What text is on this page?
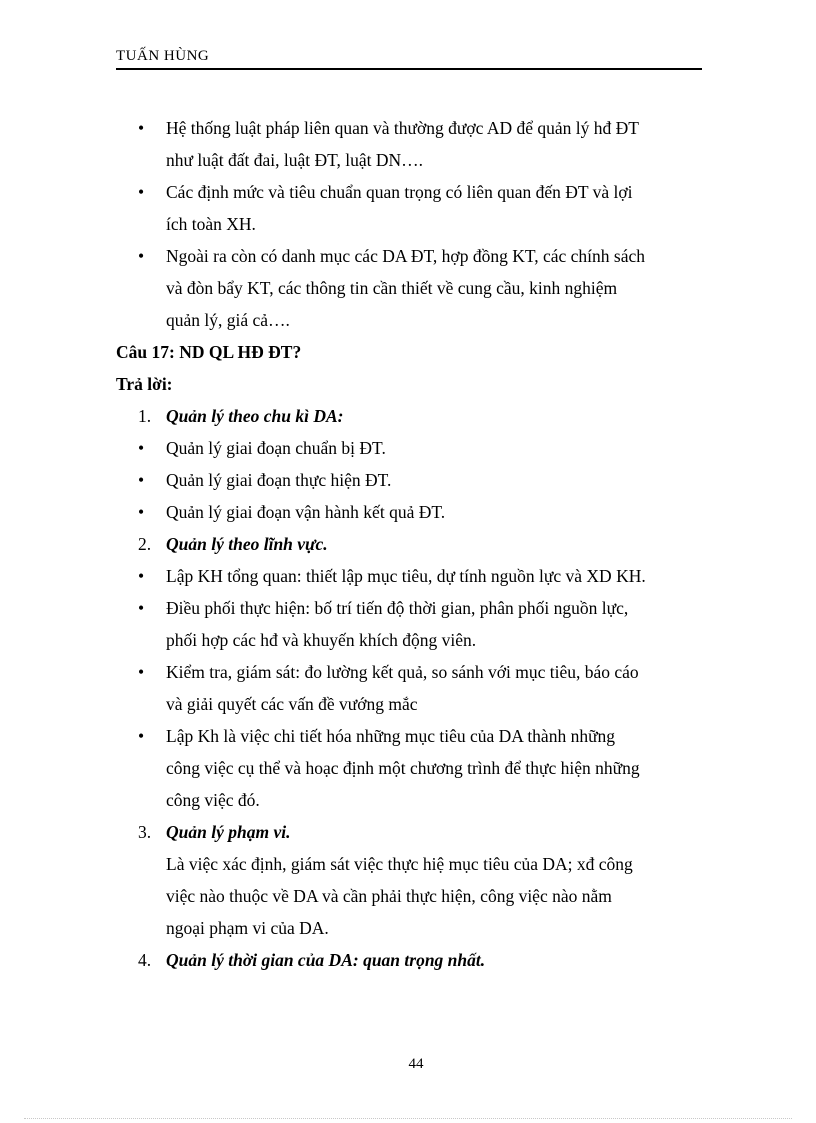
TUẤN HÙNG
• Hệ thống luật pháp liên quan và thường được AD để quản lý hđ ĐT
như luật đất đai, luật ĐT, luật DN….
• Các định mức và tiêu chuẩn quan trọng có liên quan đến ĐT và lợi
ích toàn XH.
• Ngoài ra còn có danh mục các DA ĐT, hợp đồng KT, các chính sách
và đòn bẩy KT, các thông tin cần thiết về cung cầu, kinh nghiệm
quản lý, giá cả….
Câu 17: ND QL HĐ ĐT?
Trả lời:
1. Quản lý theo chu kì DA:
• Quản lý giai đoạn chuẩn bị ĐT.
• Quản lý giai đoạn thực hiện ĐT.
• Quản lý giai đoạn vận hành kết quả ĐT.
2. Quản lý theo lĩnh vực.
• Lập KH tổng quan: thiết lập mục tiêu, dự tính nguồn lực và XD KH.
• Điều phối thực hiện: bố trí tiến độ thời gian, phân phối nguồn lực,
phối hợp các hđ và khuyến khích động viên.
• Kiểm tra, giám sát: đo lường kết quả, so sánh với mục tiêu, báo cáo
và giải quyết các vấn đề vướng mắc
• Lập Kh là việc chi tiết hóa những mục tiêu của DA thành những
công việc cụ thể và hoạc định một chương trình để thực hiện những
công việc đó.
3. Quản lý phạm vi.
Là việc xác định, giám sát việc thực hiệ mục tiêu của DA; xđ công
việc nào thuộc về DA và cần phải thực hiện, công việc nào nằm
ngoại phạm vi của DA.
4. Quản lý thời gian của DA: quan trọng nhất.
44
